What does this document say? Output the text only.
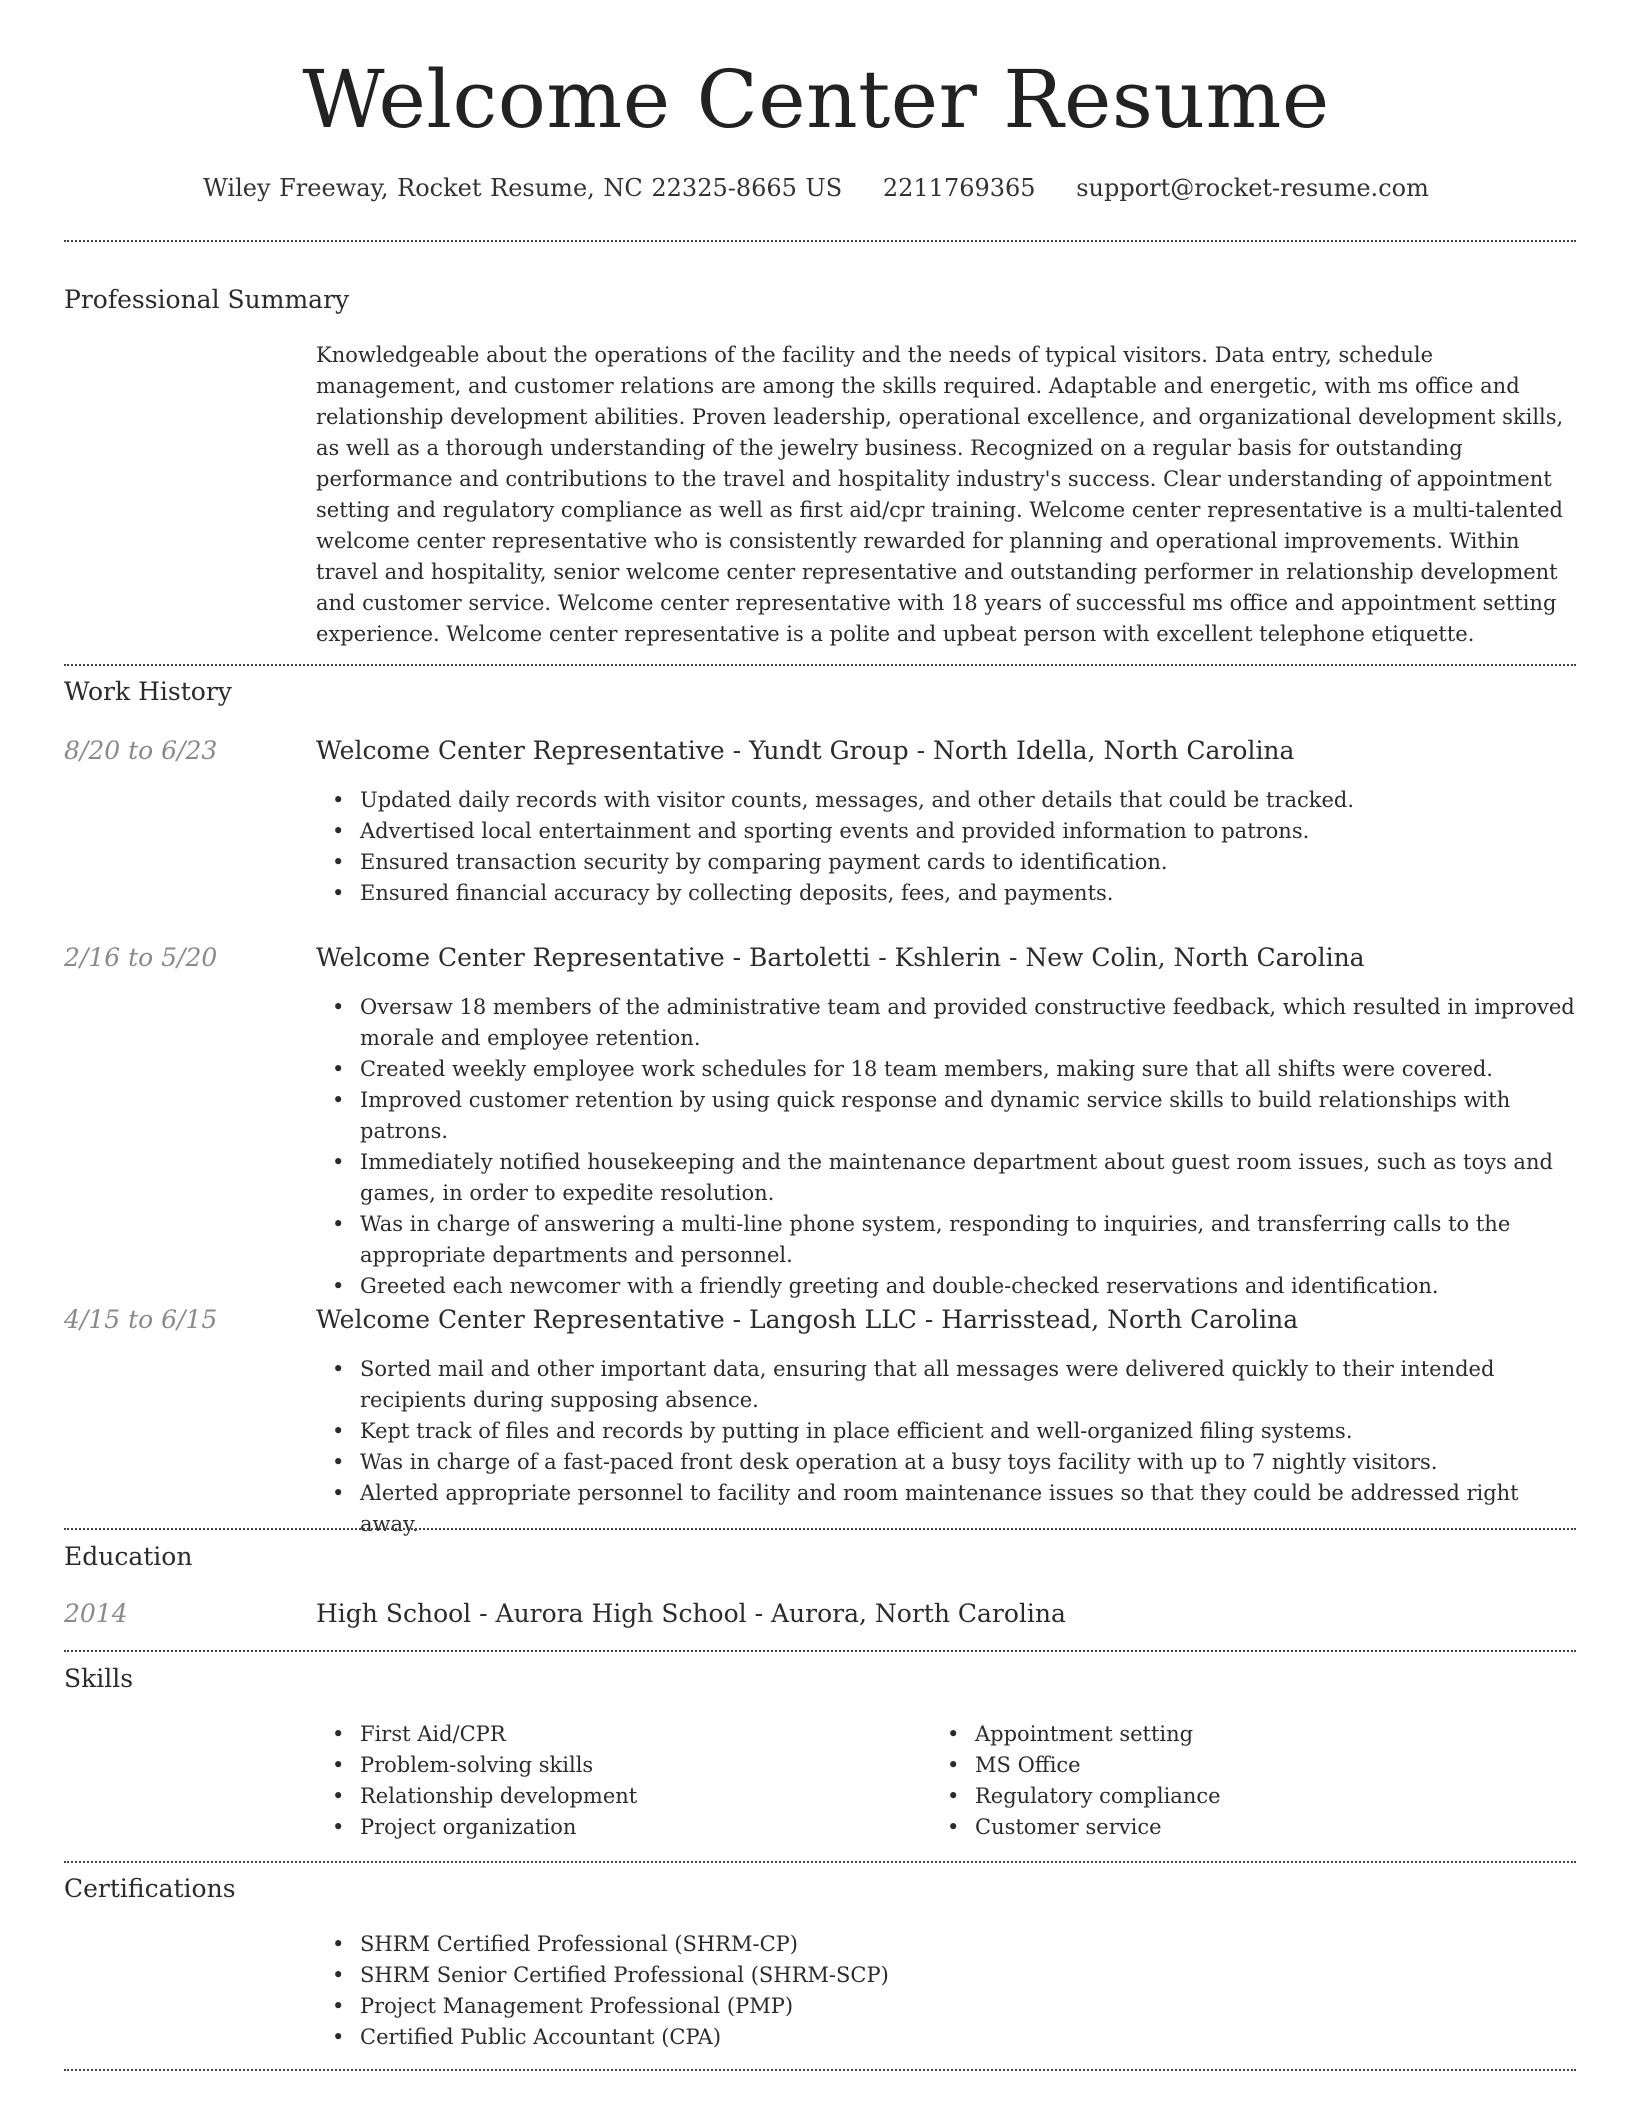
Welcome Center Resume
Wiley Freeway, Rocket Resume, NC 22325-8665 US 2211769365 support@rocket-resume.com
Professional Summary
Knowledgeable about the operations of the facility and the needs of typical visitors. Data entry, schedule management, and customer relations are among the skills required. Adaptable and energetic, with ms office and relationship development abilities. Proven leadership, operational excellence, and organizational development skills, as well as a thorough understanding of the jewelry business. Recognized on a regular basis for outstanding performance and contributions to the travel and hospitality industry's success. Clear understanding of appointment setting and regulatory compliance as well as first aid/cpr training. Welcome center representative is a multi-talented welcome center representative who is consistently rewarded for planning and operational improvements. Within travel and hospitality, senior welcome center representative and outstanding performer in relationship development and customer service. Welcome center representative with 18 years of successful ms office and appointment setting experience. Welcome center representative is a polite and upbeat person with excellent telephone etiquette.
Work History
8/20 to 6/23	Welcome Center Representative - Yundt Group - North Idella, North Carolina
• Updated daily records with visitor counts, messages, and other details that could be tracked.
• Advertised local entertainment and sporting events and provided information to patrons.
• Ensured transaction security by comparing payment cards to identification.
• Ensured financial accuracy by collecting deposits, fees, and payments.
2/16 to 5/20	Welcome Center Representative - Bartoletti - Kshlerin - New Colin, North Carolina
• Oversaw 18 members of the administrative team and provided constructive feedback, which resulted in improved morale and employee retention.
• Created weekly employee work schedules for 18 team members, making sure that all shifts were covered.
• Improved customer retention by using quick response and dynamic service skills to build relationships with patrons.
• Immediately notified housekeeping and the maintenance department about guest room issues, such as toys and games, in order to expedite resolution.
• Was in charge of answering a multi-line phone system, responding to inquiries, and transferring calls to the appropriate departments and personnel.
• Greeted each newcomer with a friendly greeting and double-checked reservations and identification.
4/15 to 6/15	Welcome Center Representative - Langosh LLC - Harrisstead, North Carolina
• Sorted mail and other important data, ensuring that all messages were delivered quickly to their intended recipients during supposing absence.
• Kept track of files and records by putting in place efficient and well-organized filing systems.
• Was in charge of a fast-paced front desk operation at a busy toys facility with up to 7 nightly visitors.
• Alerted appropriate personnel to facility and room maintenance issues so that they could be addressed right away.
Education
2014	High School - Aurora High School - Aurora, North Carolina
Skills
• First Aid/CPR
• Problem-solving skills
• Relationship development
• Project organization
• Appointment setting
• MS Office
• Regulatory compliance
• Customer service
Certifications
• SHRM Certified Professional (SHRM-CP)
• SHRM Senior Certified Professional (SHRM-SCP)
• Project Management Professional (PMP)
• Certified Public Accountant (CPA)
